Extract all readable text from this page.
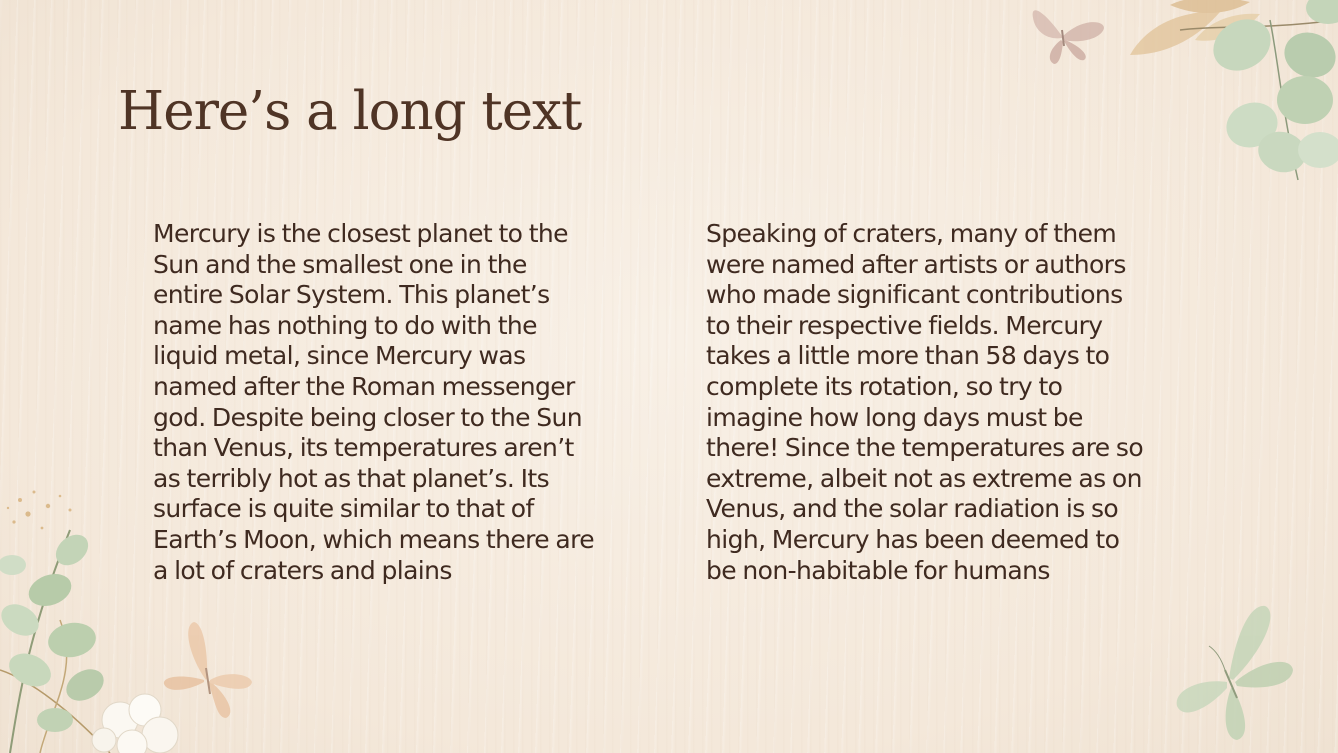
Here’s a long text
Mercury is the closest planet to the
Sun and the smallest one in the
entire Solar System. This planet’s
name has nothing to do with the
liquid metal, since Mercury was
named after the Roman messenger
god. Despite being closer to the Sun
than Venus, its temperatures aren’t
as terribly hot as that planet’s. Its
surface is quite similar to that of
Earth’s Moon, which means there are
a lot of craters and plains
Speaking of craters, many of them
were named after artists or authors
who made significant contributions
to their respective fields. Mercury
takes a little more than 58 days to
complete its rotation, so try to
imagine how long days must be
there! Since the temperatures are so
extreme, albeit not as extreme as on
Venus, and the solar radiation is so
high, Mercury has been deemed to
be non-habitable for humans
